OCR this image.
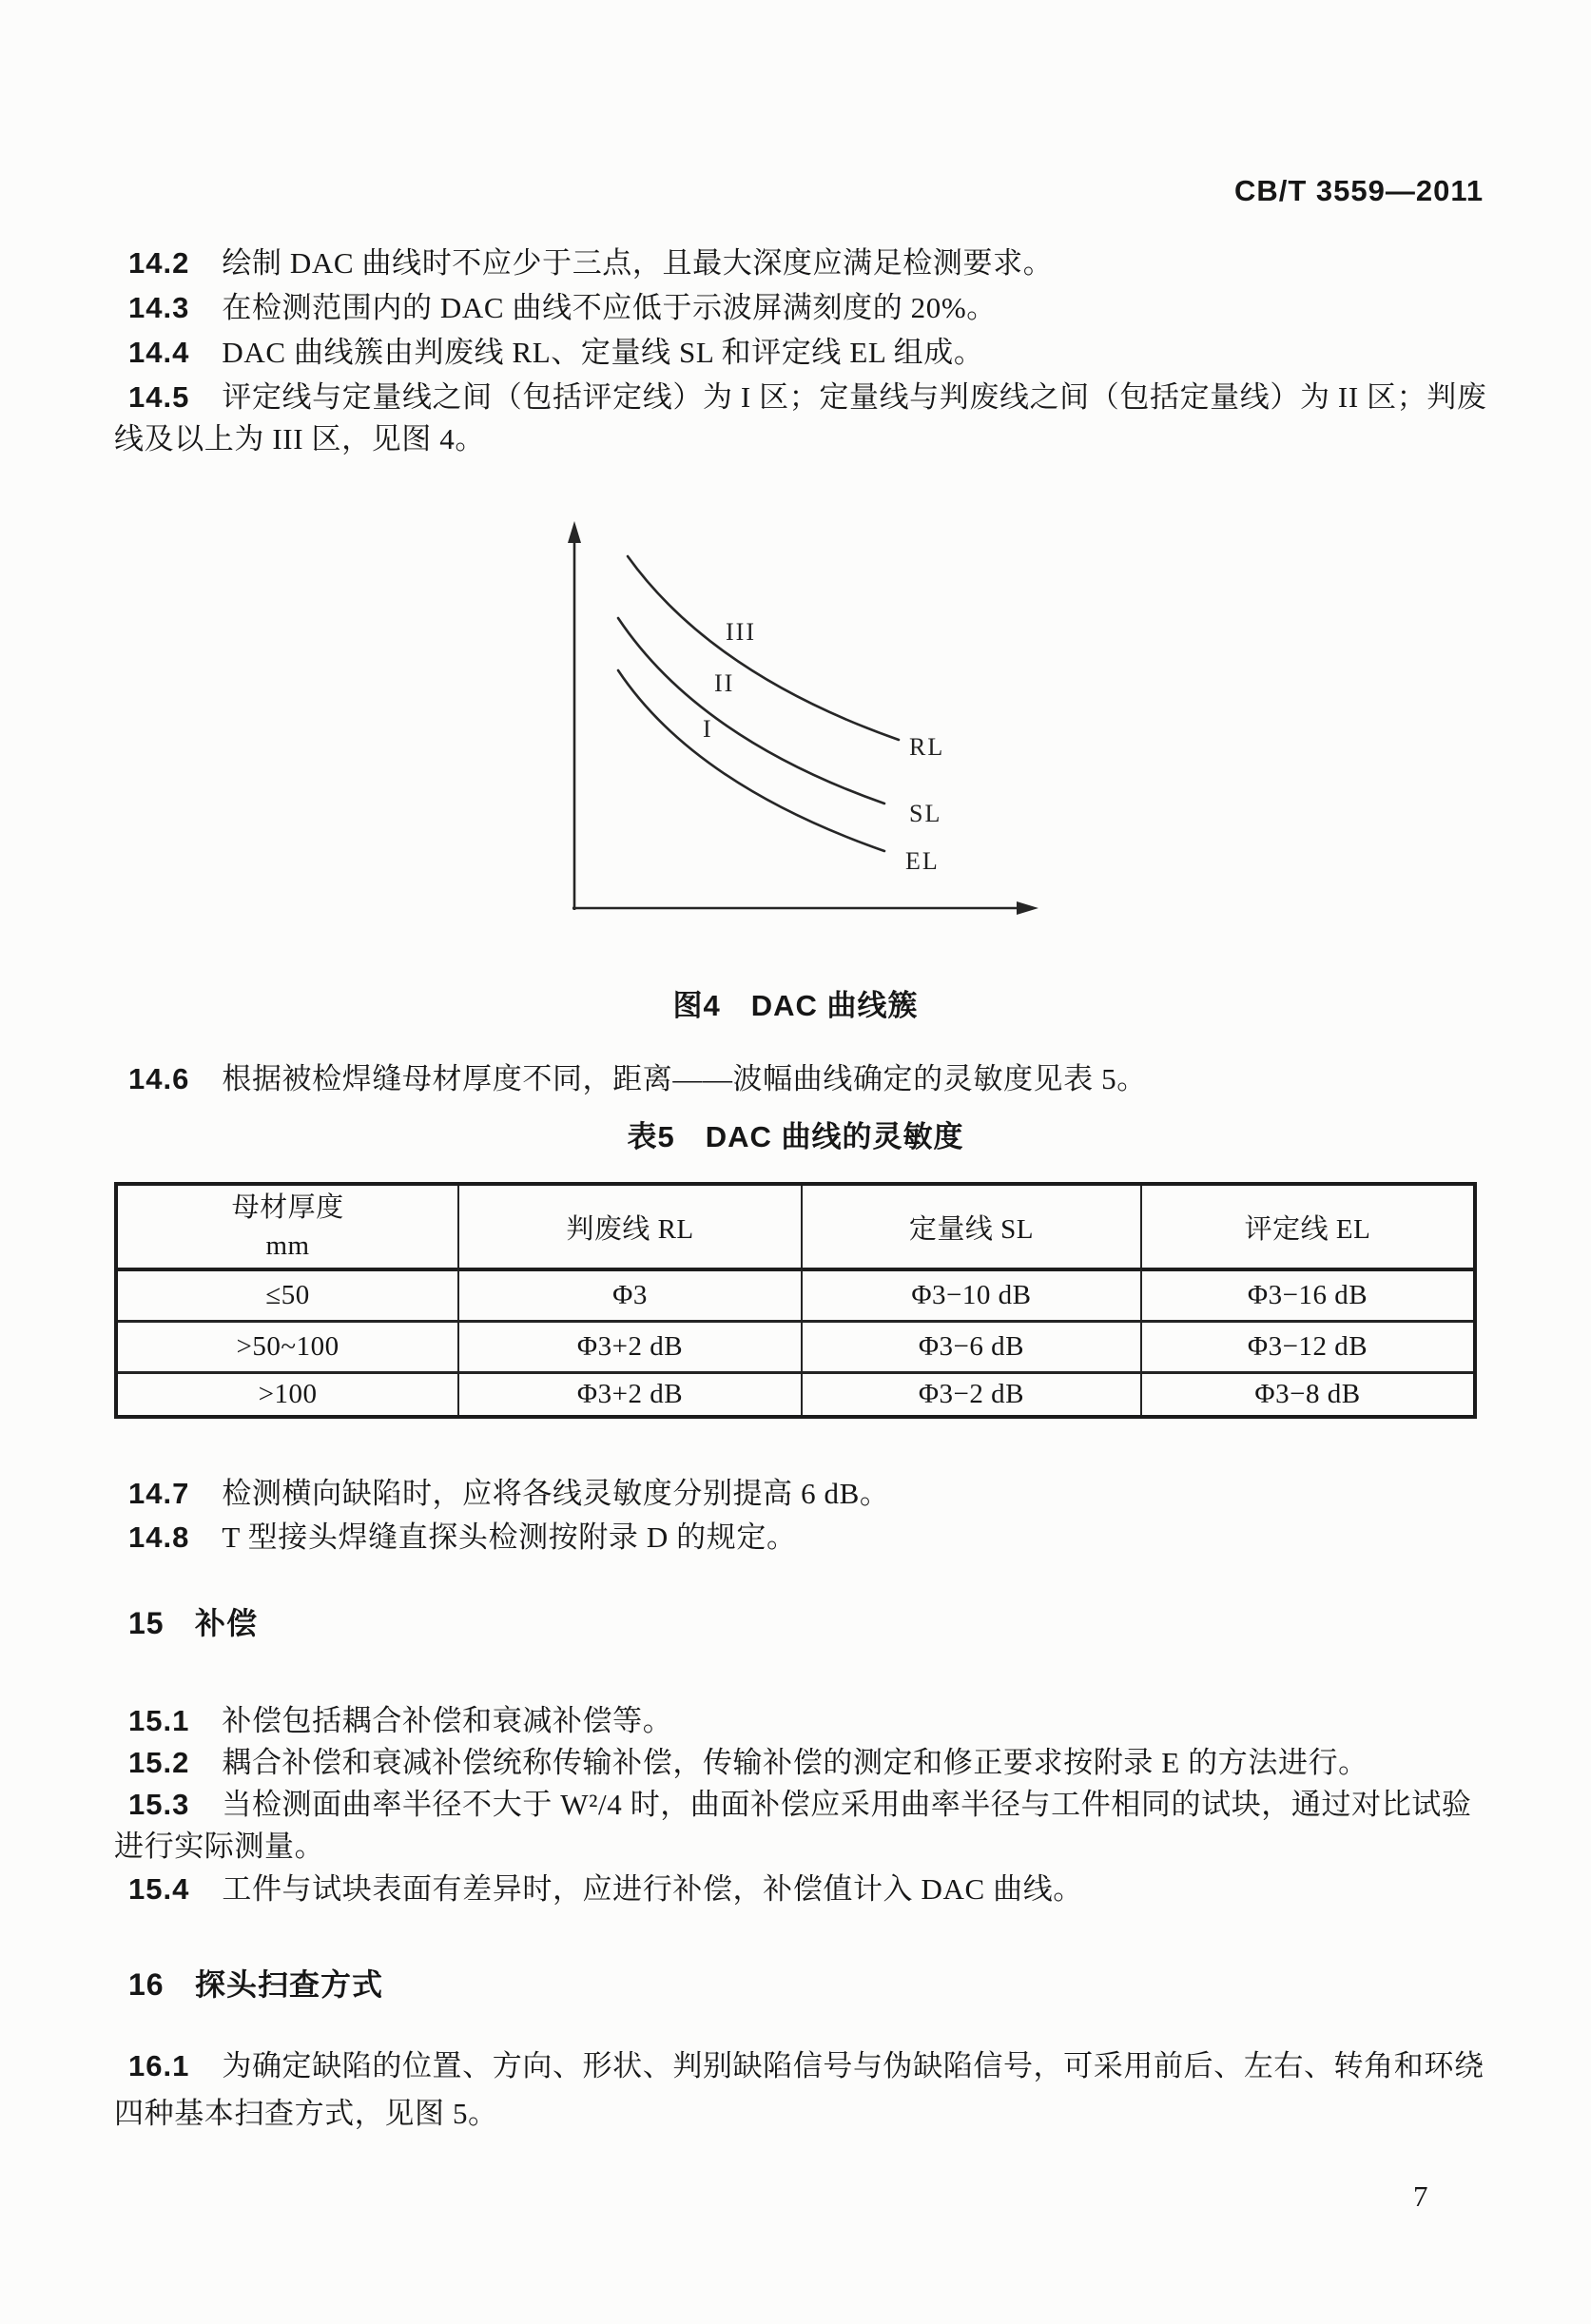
CB/T 3559—2011
14.2 绘制 DAC 曲线时不应少于三点，且最大深度应满足检测要求。
14.3 在检测范围内的 DAC 曲线不应低于示波屏满刻度的 20%。
14.4 DAC 曲线簇由判废线 RL、定量线 SL 和评定线 EL 组成。
14.5 评定线与定量线之间（包括评定线）为 I 区；定量线与判废线之间（包括定量线）为 II 区；判废
线及以上为 III 区，见图 4。
III
II
I
RL
SL
EL
图4　DAC 曲线簇
14.6 根据被检焊缝母材厚度不同，距离——波幅曲线确定的灵敏度见表 5。
表5　DAC 曲线的灵敏度
母材厚度
mm
判废线 RL	定量线 SL	评定线 EL
≤50	Φ3	Φ3−10 dB	Φ3−16 dB
>50~100	Φ3+2 dB	Φ3−6 dB	Φ3−12 dB
>100	Φ3+2 dB	Φ3−2 dB	Φ3−8 dB
14.7 检测横向缺陷时，应将各线灵敏度分别提高 6 dB。
14.8 T 型接头焊缝直探头检测按附录 D 的规定。
15 补偿
15.1 补偿包括耦合补偿和衰减补偿等。
15.2 耦合补偿和衰减补偿统称传输补偿，传输补偿的测定和修正要求按附录 E 的方法进行。
15.3 当检测面曲率半径不大于 W²/4 时，曲面补偿应采用曲率半径与工件相同的试块，通过对比试验
进行实际测量。
15.4 工件与试块表面有差异时，应进行补偿，补偿值计入 DAC 曲线。
16 探头扫查方式
16.1 为确定缺陷的位置、方向、形状、判别缺陷信号与伪缺陷信号，可采用前后、左右、转角和环绕
四种基本扫查方式，见图 5。
7
